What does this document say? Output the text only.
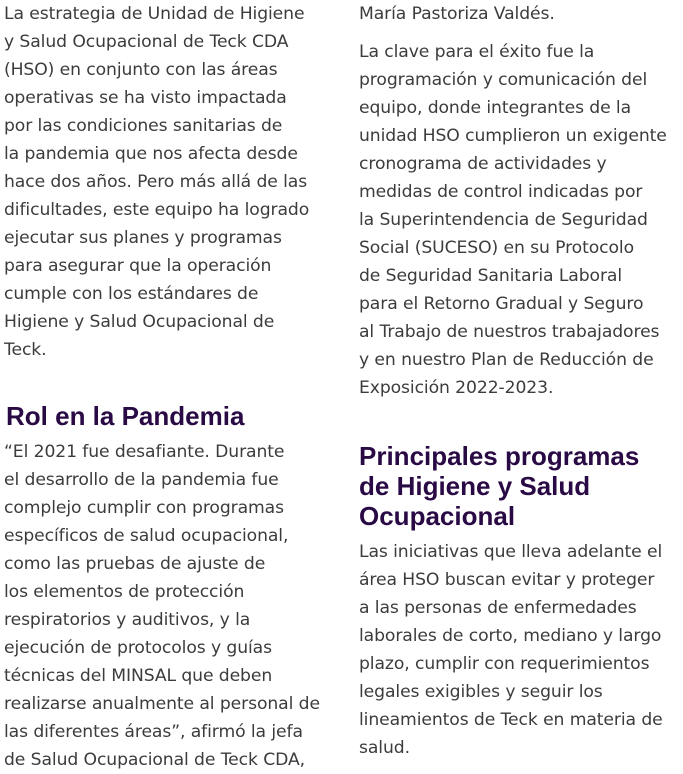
La estrategia de Unidad de Higiene
y Salud Ocupacional de Teck CDA
(HSO) en conjunto con las áreas
operativas se ha visto impactada
por las condiciones sanitarias de
la pandemia que nos afecta desde
hace dos años. Pero más allá de las
dificultades, este equipo ha logrado
ejecutar sus planes y programas
para asegurar que la operación
cumple con los estándares de
Higiene y Salud Ocupacional de
Teck.

Rol en la Pandemia

“El 2021 fue desafiante. Durante
el desarrollo de la pandemia fue
complejo cumplir con programas
específicos de salud ocupacional,
como las pruebas de ajuste de
los elementos de protección
respiratorios y auditivos, y la
ejecución de protocolos y guías
técnicas del MINSAL que deben
realizarse anualmente al personal de
las diferentes áreas”, afirmó la jefa
de Salud Ocupacional de Teck CDA,

María Pastoriza Valdés.

La clave para el éxito fue la
programación y comunicación del
equipo, donde integrantes de la
unidad HSO cumplieron un exigente
cronograma de actividades y
medidas de control indicadas por
la Superintendencia de Seguridad
Social (SUCESO) en su Protocolo
de Seguridad Sanitaria Laboral
para el Retorno Gradual y Seguro
al Trabajo de nuestros trabajadores
y en nuestro Plan de Reducción de
Exposición 2022-2023.

Principales programas
de Higiene y Salud
Ocupacional

Las iniciativas que lleva adelante el
área HSO buscan evitar y proteger
a las personas de enfermedades
laborales de corto, mediano y largo
plazo, cumplir con requerimientos
legales exigibles y seguir los
lineamientos de Teck en materia de
salud.
